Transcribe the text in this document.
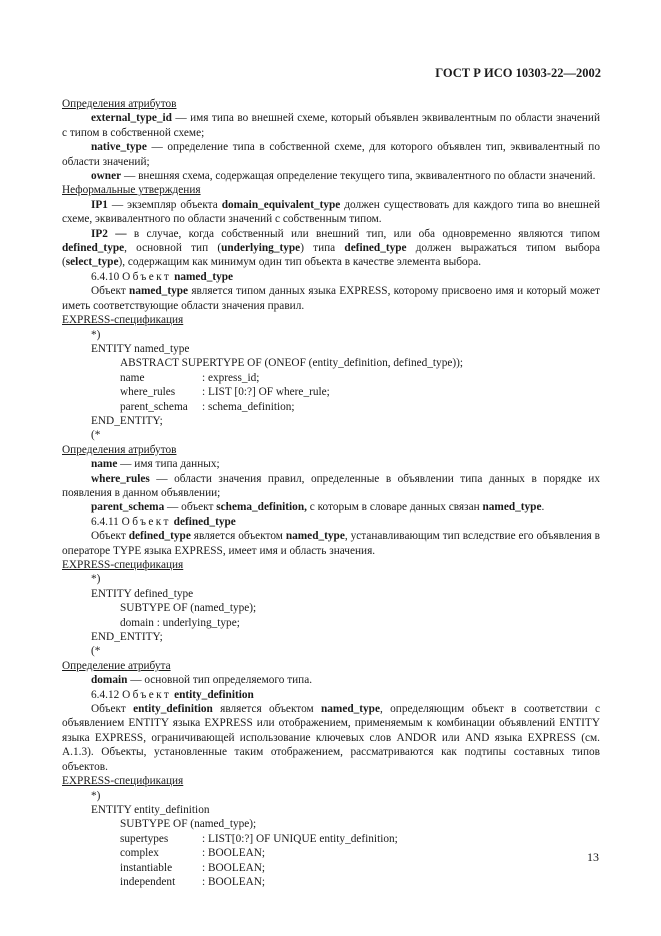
ГОСТ Р ИСО 10303-22—2002

Определения атрибутов

external_type_id — имя типа во внешней схеме, который объявлен эквивалентным по области значений с типом в собственной схеме;

native_type — определение типа в собственной схеме, для которого объявлен тип, эквивалентный по области значений;

owner — внешняя схема, содержащая определение текущего типа, эквивалентного по области значений.

Неформальные утверждения

IP1 — экземпляр объекта domain_equivalent_type должен существовать для каждого типа во внешней схеме, эквивалентного по области значений с собственным типом.

IP2 — в случае, когда собственный или внешний тип, или оба одновременно являются типом defined_type, основной тип (underlying_type) типа defined_type должен выражаться типом выбора (select_type), содержащим как минимум один тип объекта в качестве элемента выбора.

6.4.10 Объект named_type

Объект named_type является типом данных языка EXPRESS, которому присвоено имя и который может иметь соответствующие области значения правил.

EXPRESS-спецификация

*)
ENTITY named_type
ABSTRACT SUPERTYPE OF (ONEOF (entity_definition, defined_type));
name	: express_id;
where_rules	: LIST [0:?] OF where_rule;
parent_schema	: schema_definition;
END_ENTITY;
(*

Определения атрибутов

name — имя типа данных;

where_rules — области значения правил, определенные в объявлении типа данных в порядке их появления в данном объявлении;

parent_schema — объект schema_definition, с которым в словаре данных связан named_type.

6.4.11 Объект defined_type

Объект defined_type является объектом named_type, устанавливающим тип вследствие его объявления в операторе TYPE языка EXPRESS, имеет имя и область значения.

EXPRESS-спецификация

*)
ENTITY defined_type
SUBTYPE OF (named_type);
domain : underlying_type;
END_ENTITY;
(*

Определение атрибута

domain — основной тип определяемого типа.

6.4.12 Объект entity_definition

Объект entity_definition является объектом named_type, определяющим объект в соответствии с объявлением ENTITY языка EXPRESS или отображением, применяемым к комбинации объявлений ENTITY языка EXPRESS, ограничивающей использование ключевых слов ANDOR или AND языка EXPRESS (см. А.1.3). Объекты, установленные таким отображением, рассматриваются как подтипы составных типов объектов.

EXPRESS-спецификация

*)
ENTITY entity_definition
SUBTYPE OF (named_type);
supertypes	: LIST[0:?] OF UNIQUE entity_definition;
complex	: BOOLEAN;
instantiable	: BOOLEAN;
independent	: BOOLEAN;
13
